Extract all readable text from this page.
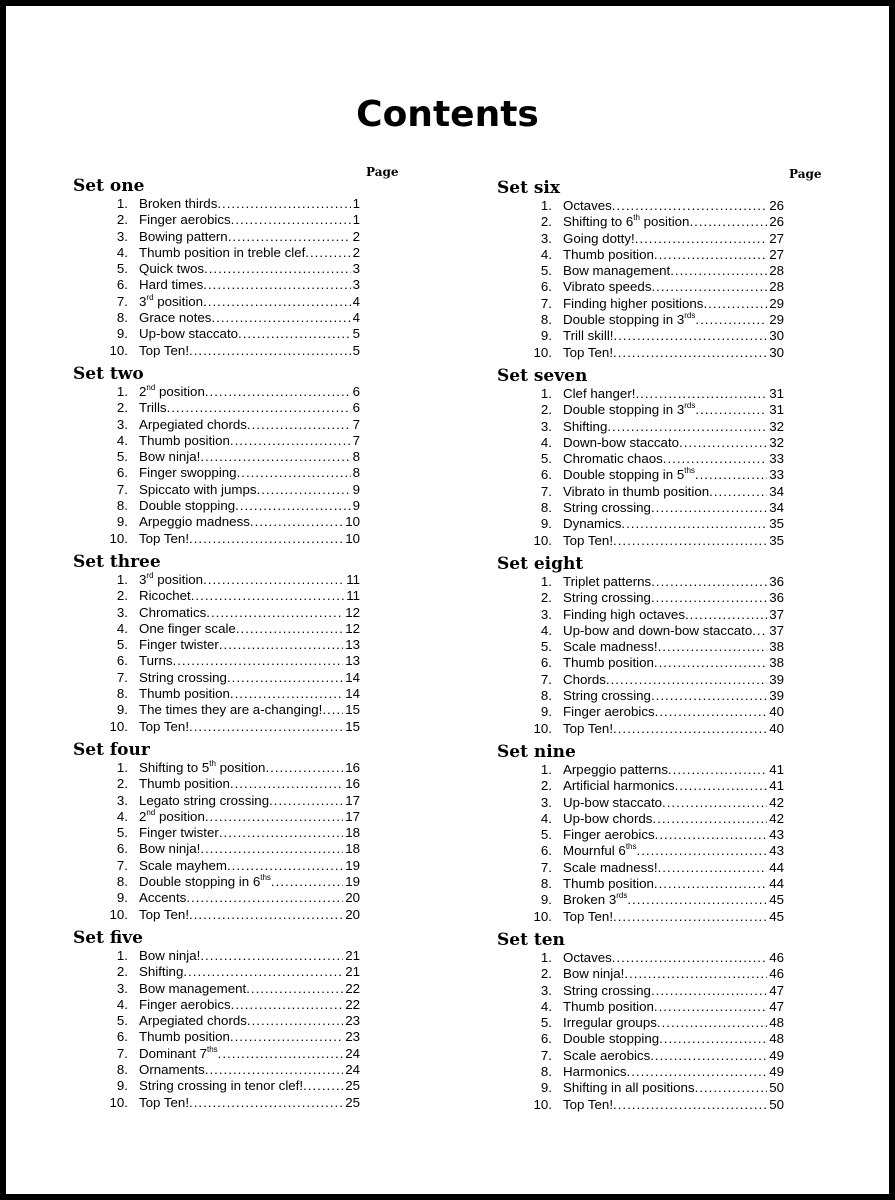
Contents
Page
Set one
1. Broken thirds .....	1
2. Finger aerobics .....	1
3. Bowing pattern .....	2
4. Thumb position in treble clef .....	2
5. Quick twos .....	3
6. Hard times .....	3
7. 3rd position .....	4
8. Grace notes .....	4
9. Up-bow staccato .....	5
10. Top Ten! .....	5
Set two
1. 2nd position .....	6
2. Trills .....	6
3. Arpegiated chords .....	7
4. Thumb position .....	7
5. Bow ninja! .....	8
6. Finger swopping .....	8
7. Spiccato with jumps .....	9
8. Double stopping .....	9
9. Arpeggio madness .....	10
10. Top Ten! .....	10
Set three
1. 3rd position .....	11
2. Ricochet .....	11
3. Chromatics .....	12
4. One finger scale .....	12
5. Finger twister .....	13
6. Turns .....	13
7. String crossing .....	14
8. Thumb position .....	14
9. The times they are a-changing! ..... 15
10. Top Ten! .....	15
Set four
1. Shifting to 5th position .....	16
2. Thumb position .....	16
3. Legato string crossing .....	17
4. 2nd position .....	17
5. Finger twister .....	18
6. Bow ninja! .....	18
7. Scale mayhem .....	19
8. Double stopping in $6^{ths}$ .....	19
9. Accents .....	20
10. Top Ten! .....	20
Set five
1. Bow ninja! .....	21
2. Shifting .....	21
3. Bow management .....	22
4. Finger aerobics .....	22
5. Arpegiated chords .....	23
6. Thumb position .....	23
7. Dominant $7^{ths}$ .....	24
8. Ornaments .....	24
9. String crossing in tenor clef! .....	25
10. Top Ten! .....	25
Page
Set six
1. Octaves .....	26
2. Shifting to 6th position .....	26
3. Going dotty! .....	27
4. Thumb position .....	27
5. Bow management .....	28
6. Vibrato speeds .....	28
7. Finding higher positions .....	29
8. Double stopping in $3^{rds}$ .....	29
9. Trill skill! .....	30
10. Top Ten! .....	30
Set seven
1. Clef hanger! .....	31
2. Double stopping in $3^{rds}$ .....	31
3. Shifting .....	32
4. Down-bow staccato .....	32
5. Chromatic chaos .....	33
6. Double stopping in $5^{ths}$ .....	33
7. Vibrato in thumb position .....	34
8. String crossing .....	34
9. Dynamics .....	35
10. Top Ten! .....	35
Set eight
1. Triplet patterns .....	36
2. String crossing .....	36
3. Finding high octaves .....	37
4. Up-bow and down-bow staccato ..... 37
5. Scale madness! .....	38
6. Thumb position .....	38
7. Chords .....	39
8. String crossing .....	39
9. Finger aerobics .....	40
10. Top Ten! .....	40
Set nine
1. Arpeggio patterns .....	41
2. Artificial harmonics .....	41
3. Up-bow staccato .....	42
4. Up-bow chords .....	42
5. Finger aerobics .....	43
6. Mournful $6^{ths}$ .....	43
7. Scale madness! .....	44
8. Thumb position .....	44
9. Broken $3^{rds}$ .....	45
10. Top Ten! .....	45
Set ten
1. Octaves .....	46
2. Bow ninja! .....	46
3. String crossing .....	47
4. Thumb position .....	47
5. Irregular groups .....	48
6. Double stopping .....	48
7. Scale aerobics .....	49
8. Harmonics .....	49
9. Shifting in all positions .....	50
10. Top Ten! .....	50
